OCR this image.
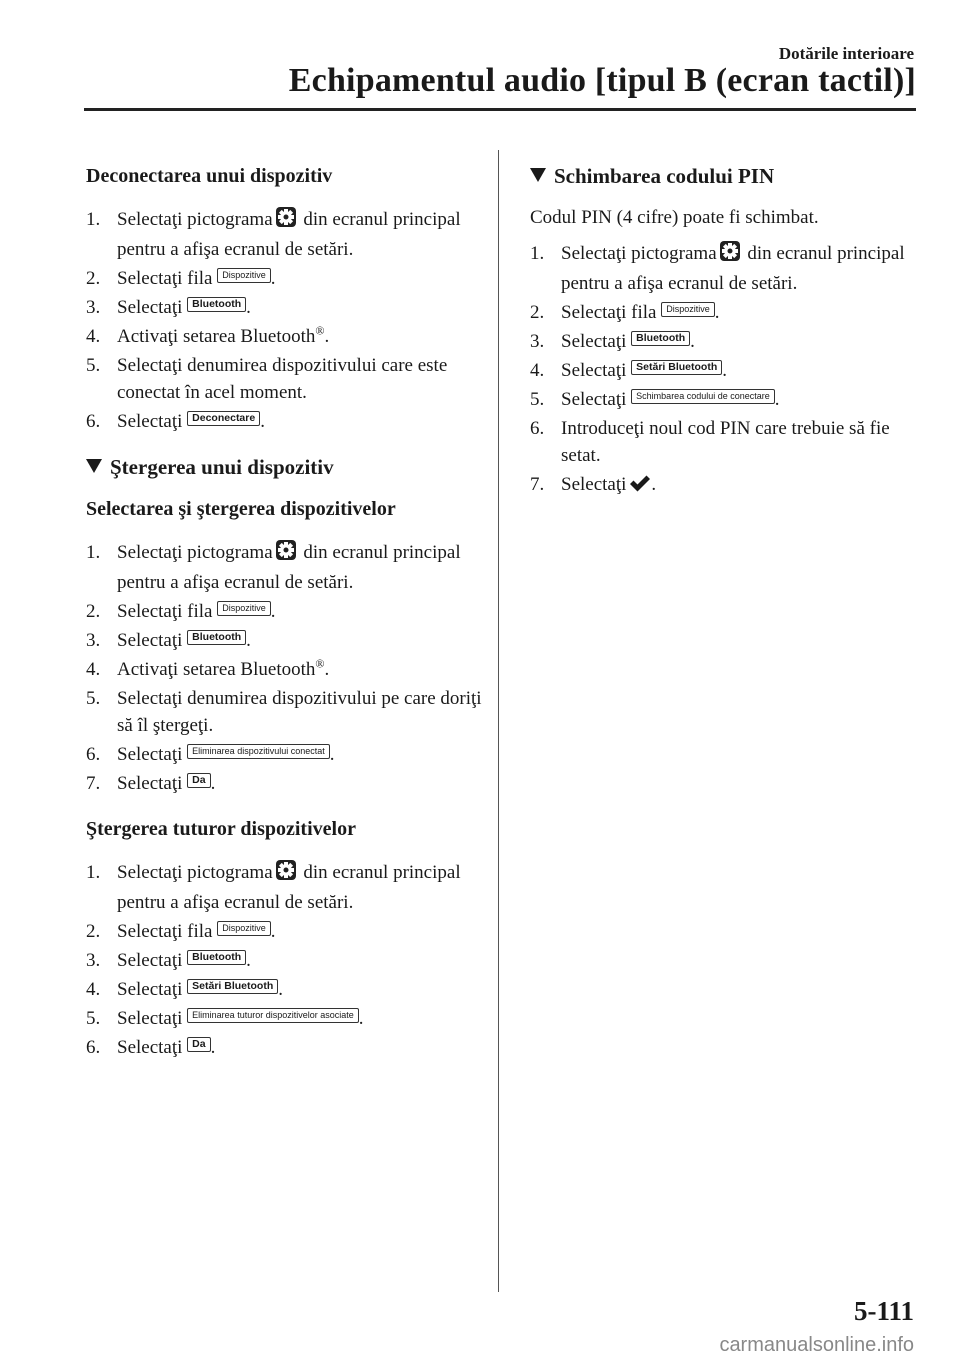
Dotările interioare
Echipamentul audio [tipul B (ecran tactil)]
Deconectarea unui dispozitiv
1. Selectaţi pictograma din ecranul principal pentru a afişa ecranul de setări.
2. Selectaţi fila Dispozitive .
3. Selectaţi Bluetooth .
4. Activaţi setarea Bluetooth®.
5. Selectaţi denumirea dispozitivului care este conectat în acel moment.
6. Selectaţi Deconectare .
Ştergerea unui dispozitiv
Selectarea şi ştergerea dispozitivelor
1. Selectaţi pictograma din ecranul principal pentru a afişa ecranul de setări.
2. Selectaţi fila Dispozitive .
3. Selectaţi Bluetooth .
4. Activaţi setarea Bluetooth®.
5. Selectaţi denumirea dispozitivului pe care doriţi să îl ştergeţi.
6. Selectaţi Eliminarea dispozitivului conectat .
7. Selectaţi Da .
Ştergerea tuturor dispozitivelor
1. Selectaţi pictograma din ecranul principal pentru a afişa ecranul de setări.
2. Selectaţi fila Dispozitive .
3. Selectaţi Bluetooth .
4. Selectaţi Setări Bluetooth .
5. Selectaţi Eliminarea tuturor dispozitivelor asociate .
6. Selectaţi Da .
Schimbarea codului PIN

Codul PIN (4 cifre) poate fi schimbat.

1. Selectaţi pictograma din ecranul principal pentru a afişa ecranul de setări.
2. Selectaţi fila Dispozitive .
3. Selectaţi Bluetooth .
4. Selectaţi Setări Bluetooth .
5. Selectaţi Schimbarea codului de conectare .
6. Introduceţi noul cod PIN care trebuie să fie setat.
7. Selectaţi .
5-111
carmanualsonline.info
